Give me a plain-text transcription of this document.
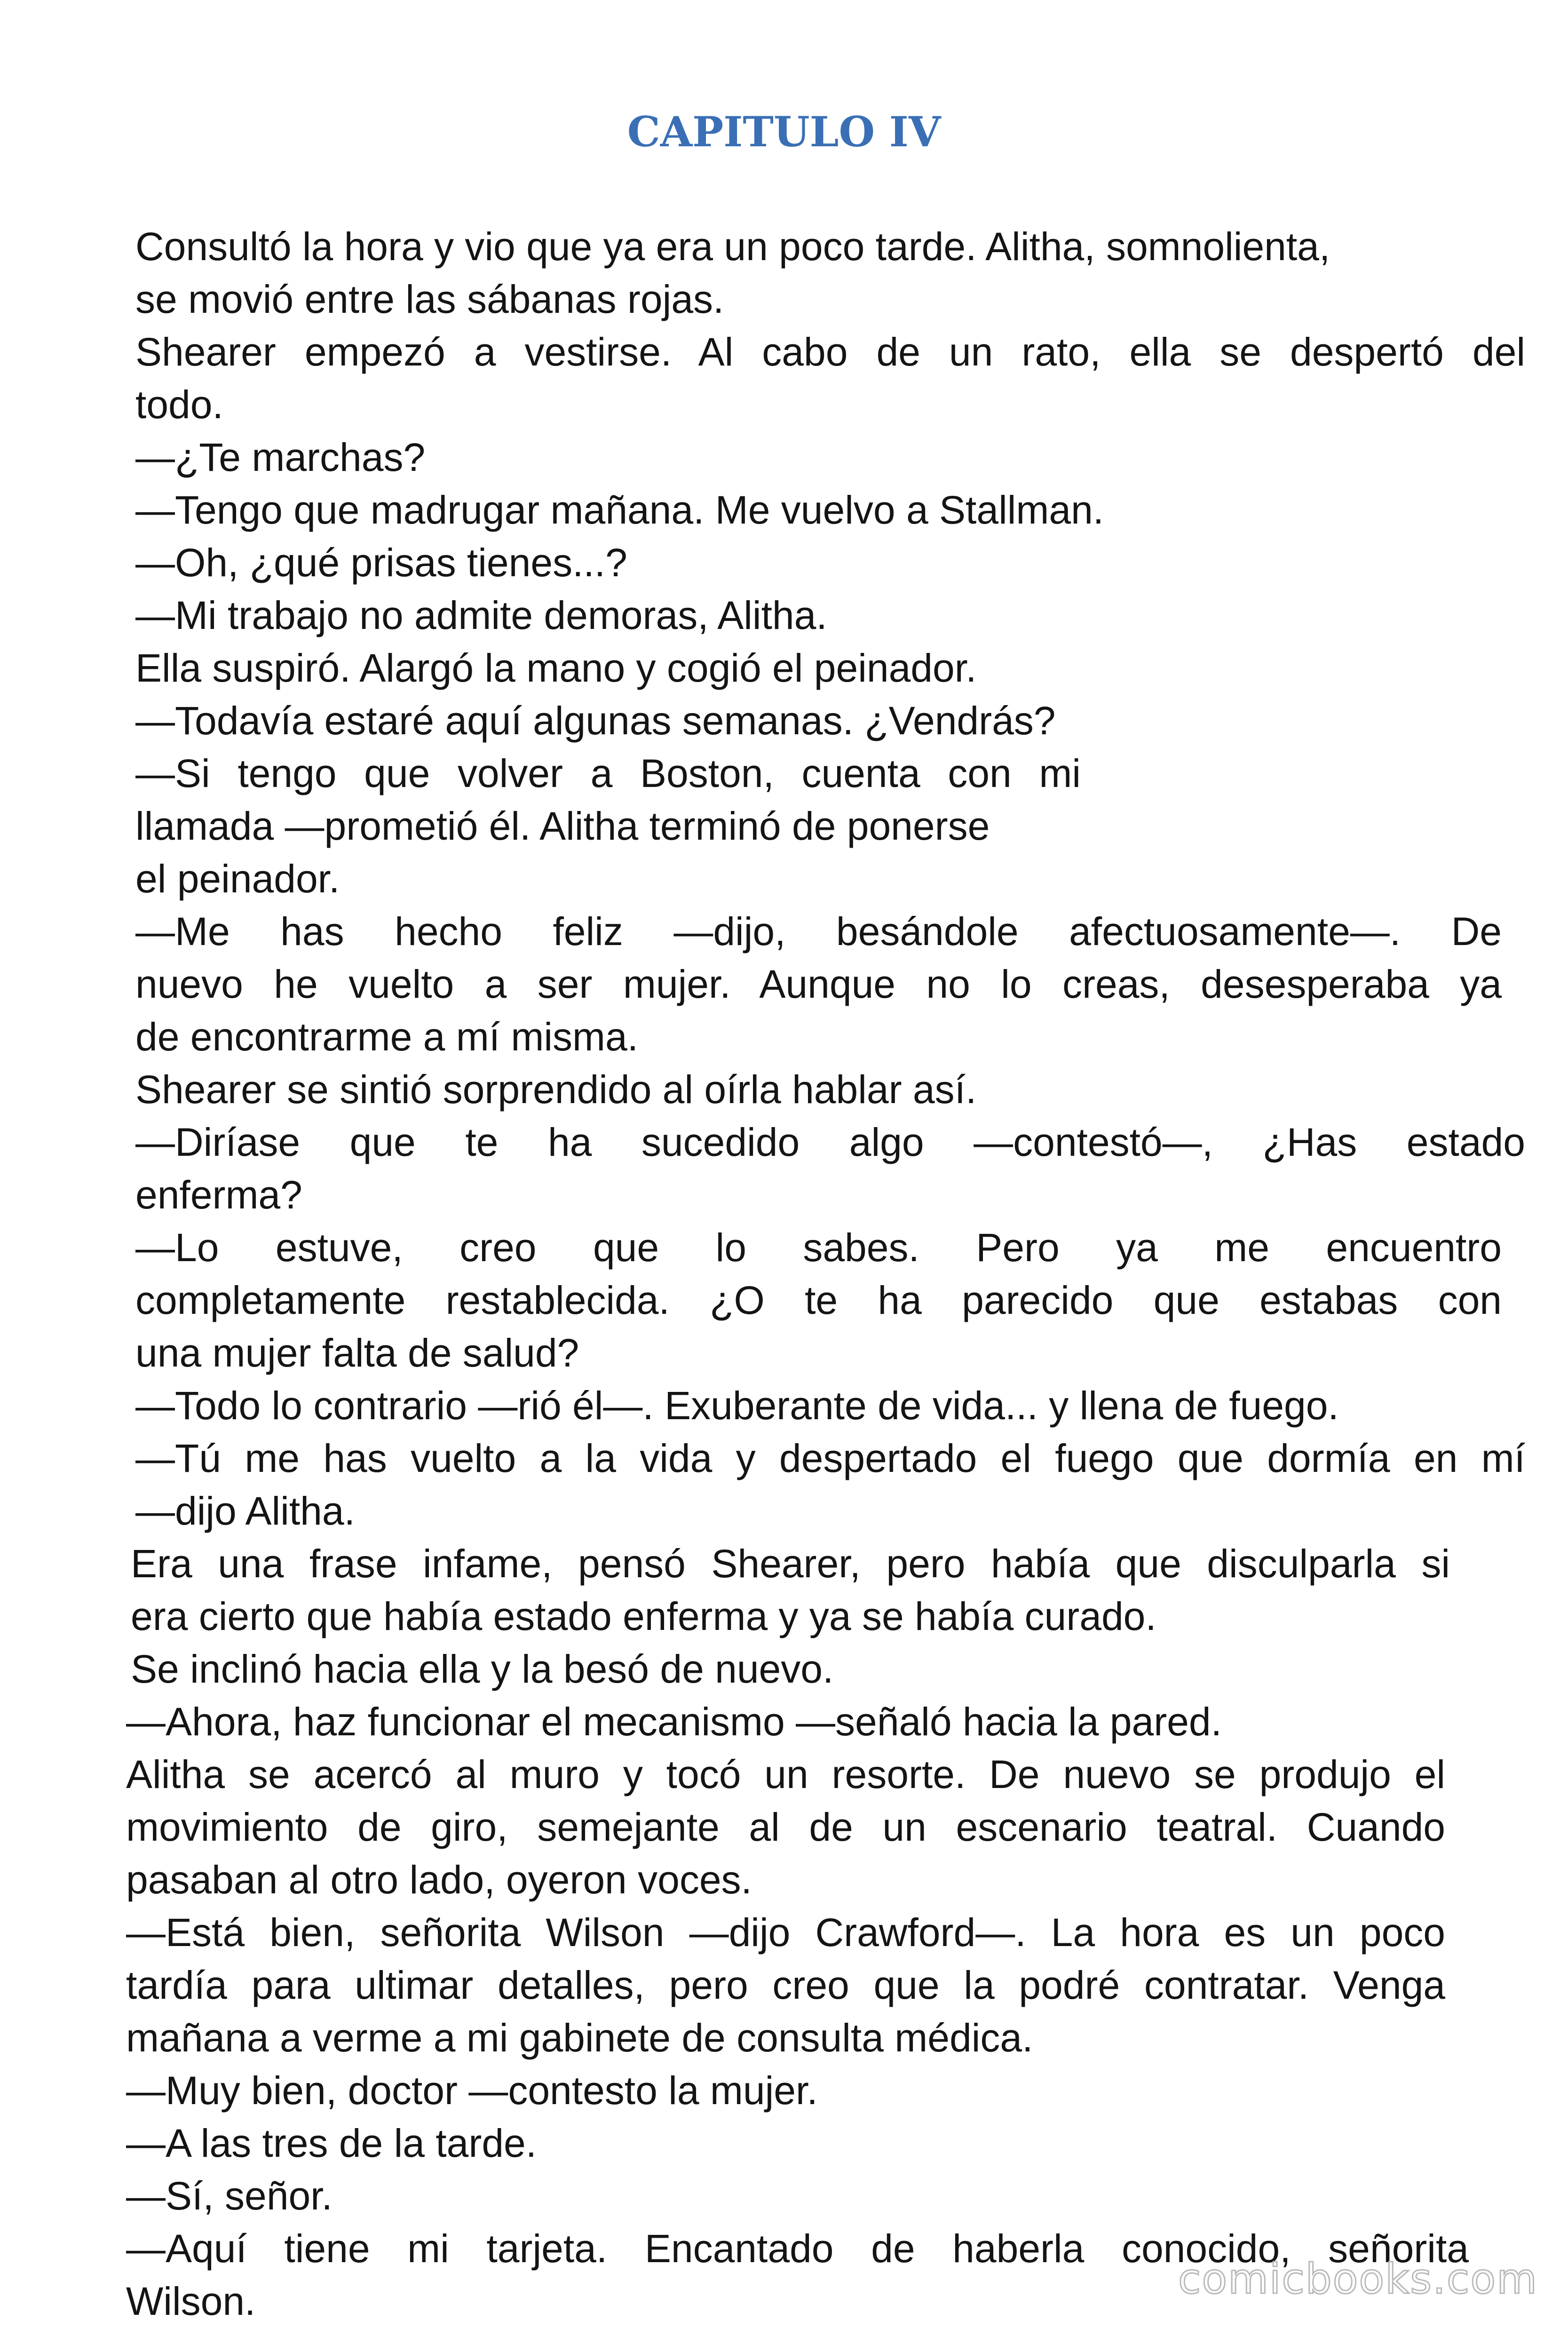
CAPITULO IV

Consultó la hora y vio que ya era un poco tarde. Alitha, somnolienta,

se movió entre las sábanas rojas.

Shearer empezó a vestirse. Al cabo de un rato, ella se despertó del

todo.

—¿Te marchas?

—Tengo que madrugar mañana. Me vuelvo a Stallman.

—Oh, ¿qué prisas tienes...?

—Mi trabajo no admite demoras, Alitha.

Ella suspiró. Alargó la mano y cogió el peinador.

—Todavía estaré aquí algunas semanas. ¿Vendrás?

—Si tengo que volver a Boston, cuenta con mi

llamada —prometió él. Alitha terminó de ponerse

el peinador.

—Me has hecho feliz —dijo, besándole afectuosamente—. De

nuevo he vuelto a ser mujer. Aunque no lo creas, desesperaba ya

de encontrarme a mí misma.

Shearer se sintió sorprendido al oírla hablar así.

—Diríase que te ha sucedido algo —contestó—, ¿Has estado

enferma?

—Lo estuve, creo que lo sabes. Pero ya me encuentro

completamente restablecida. ¿O te ha parecido que estabas con

una mujer falta de salud?

—Todo lo contrario —rió él—. Exuberante de vida... y llena de fuego.

—Tú me has vuelto a la vida y despertado el fuego que dormía en mí

—dijo Alitha.

Era una frase infame, pensó Shearer, pero había que disculparla si

era cierto que había estado enferma y ya se había curado.

Se inclinó hacia ella y la besó de nuevo.

—Ahora, haz funcionar el mecanismo —señaló hacia la pared.

Alitha se acercó al muro y tocó un resorte. De nuevo se produjo el

movimiento de giro, semejante al de un escenario teatral. Cuando

pasaban al otro lado, oyeron voces.

—Está bien, señorita Wilson —dijo Crawford—. La hora es un poco

tardía para ultimar detalles, pero creo que la podré contratar. Venga

mañana a verme a mi gabinete de consulta médica.

—Muy bien, doctor —contesto la mujer.

—A las tres de la tarde.

—Sí, señor.

—Aquí tiene mi tarjeta. Encantado de haberla conocido, señorita

Wilson.	comicbooks.com
